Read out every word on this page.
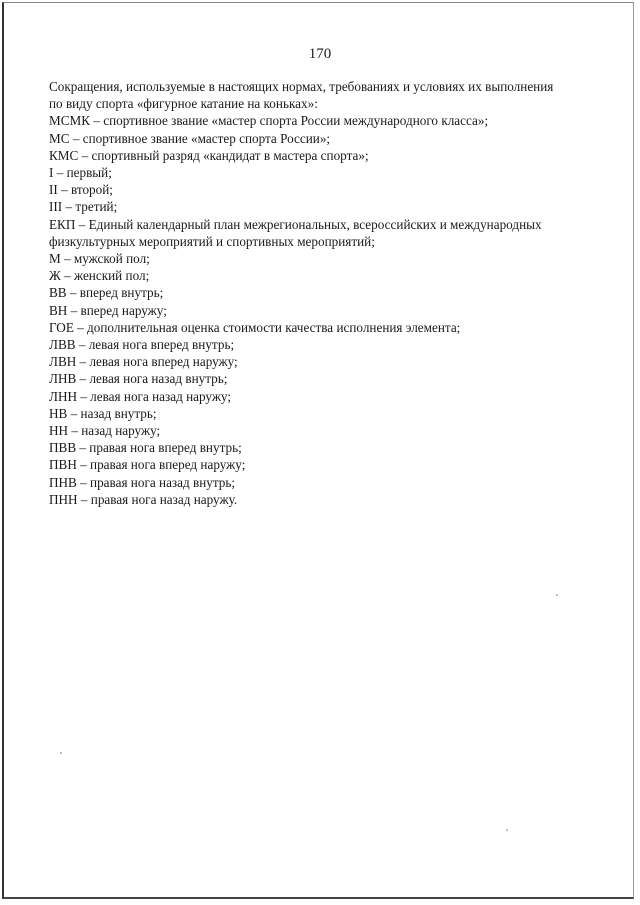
170
Сокращения, используемые в настоящих нормах, требованиях и условиях их выполнения
по виду спорта «фигурное катание на коньках»:
МСМК – спортивное звание «мастер спорта России международного класса»;
МС – спортивное звание «мастер спорта России»;
КМС – спортивный разряд «кандидат в мастера спорта»;
I – первый;
II – второй;
III – третий;
ЕКП – Единый календарный план межрегиональных, всероссийских и международных
физкультурных мероприятий и спортивных мероприятий;
М – мужской пол;
Ж – женский пол;
ВВ – вперед внутрь;
ВН – вперед наружу;
ГОЕ – дополнительная оценка стоимости качества исполнения элемента;
ЛВВ – левая нога вперед внутрь;
ЛВН – левая нога вперед наружу;
ЛНВ – левая нога назад внутрь;
ЛНН – левая нога назад наружу;
НВ – назад внутрь;
НН – назад наружу;
ПВВ – правая нога вперед внутрь;
ПВН – правая нога вперед наружу;
ПНВ – правая нога назад внутрь;
ПНН – правая нога назад наружу.
